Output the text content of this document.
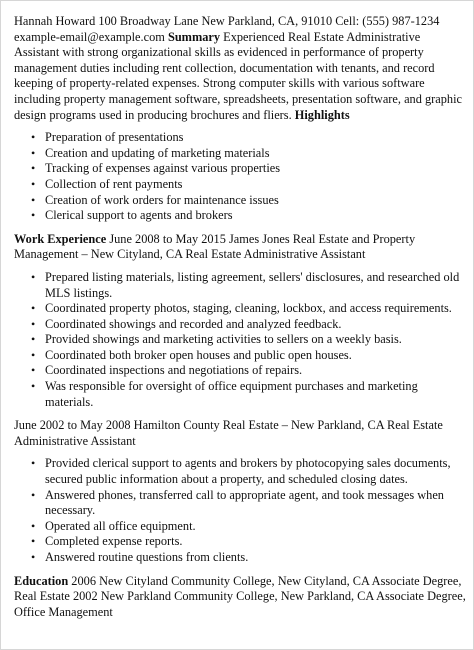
Hannah Howard 100 Broadway Lane New Parkland, CA, 91010 Cell: (555) 987-1234 example-email@example.com Summary Experienced Real Estate Administrative Assistant with strong organizational skills as evidenced in performance of property management duties including rent collection, documentation with tenants, and record keeping of property-related expenses. Strong computer skills with various software including property management software, spreadsheets, presentation software, and graphic design programs used in producing brochures and fliers. Highlights

• Preparation of presentations
• Creation and updating of marketing materials
• Tracking of expenses against various properties
• Collection of rent payments
• Creation of work orders for maintenance issues
• Clerical support to agents and brokers

Work Experience June 2008 to May 2015 James Jones Real Estate and Property Management – New Cityland, CA Real Estate Administrative Assistant

• Prepared listing materials, listing agreement, sellers' disclosures, and researched old MLS listings.
• Coordinated property photos, staging, cleaning, lockbox, and access requirements.
• Coordinated showings and recorded and analyzed feedback.
• Provided showings and marketing activities to sellers on a weekly basis.
• Coordinated both broker open houses and public open houses.
• Coordinated inspections and negotiations of repairs.
• Was responsible for oversight of office equipment purchases and marketing materials.

June 2002 to May 2008 Hamilton County Real Estate – New Parkland, CA Real Estate Administrative Assistant

• Provided clerical support to agents and brokers by photocopying sales documents, secured public information about a property, and scheduled closing dates.
• Answered phones, transferred call to appropriate agent, and took messages when necessary.
• Operated all office equipment.
• Completed expense reports.
• Answered routine questions from clients.

Education 2006 New Cityland Community College, New Cityland, CA Associate Degree, Real Estate 2002 New Parkland Community College, New Parkland, CA Associate Degree, Office Management
